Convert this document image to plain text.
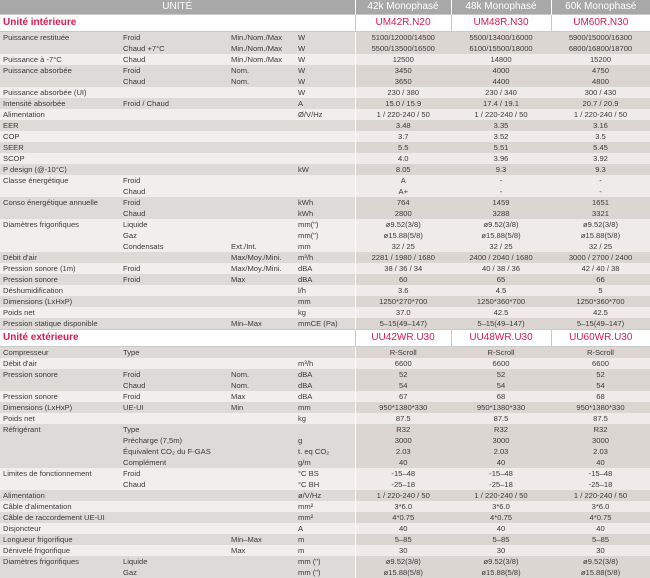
UNITÉ				42k Monophasé	48k Monophasé	60k Monophasé
Unité intérieure				UM42R.N20	UM48R.N30	UM60R.N30
Puissance restituée	Froid	Min./Nom./Max	W	5100/12000/14500	5500/13400/16000	5900/15000/16300
	Chaud +7°C	Min./Nom./Max	W	5500/13500/16500	6100/15500/18000	6800/16800/18700
Puissance à -7°C	Chaud	Min./Nom./Max	W	12500	14800	15200
Puissance absorbée	Froid	Nom.	W	3450	4000	4750
	Chaud	Nom.	W	3650	4400	4800
Puissance absorbée (UI)			W	230 / 380	230 / 340	300 / 430
Intensité absorbée	Froid / Chaud		A	15.0 / 15.9	17.4 / 19.1	20.7 / 20.9
Alimentation			Ø/V/Hz	1 / 220-240 / 50	1 / 220-240 / 50	1 / 220-240 / 50
EER				3.48	3.35	3.16
COP				3.7	3.52	3.5
SEER				5.5	5.51	5.45
SCOP				4.0	3.96	3.92
P design (@-10°C)			kW	8.05	9.3	9.3
Classe énergétique	Froid			A	-	-
	Chaud			A+	-	-
Conso énergétique annuelle	Froid		kWh	764	1459	1651
	Chaud		kWh	2800	3288	3321
Diamètres frigorifiques	Liquide		mm(")	ø9.52(3/8)	ø9.52(3/8)	ø9.52(3/8)
	Gaz		mm(")	ø15.88(5/8)	ø15.88(5/8)	ø15.88(5/8)
	Condensats	Ext./Int.	mm	32 / 25	32 / 25	32 / 25
Débit d'air		Max/Moy./Mini.	m³/h	2281 / 1980 / 1680	2400 / 2040 / 1680	3000 / 2700 / 2400
Pression sonore (1m)	Froid	Max/Moy./Mini.	dBA	38 / 36 / 34	40 / 38 / 36	42 / 40 / 38
Pression sonore	Froid	Max	dBA	60	65	66
Déshumidification			l/h	3.6	4.5	5
Dimensions (LxHxP)			mm	1250*270*700	1250*360*700	1250*360*700
Poids net			kg	37.0	42.5	42.5
Pression statique disponible		Min–Max	mmCE (Pa)	5–15(49–147)	5–15(49–147)	5–15(49–147)
Unité extérieure				UU42WR.U30	UU48WR.U30	UU60WR.U30
Compresseur	Type			R-Scroll	R-Scroll	R-Scroll
Débit d'air			m³/h	6600	6600	6600
Pression sonore	Froid	Nom.	dBA	52	52	52
	Chaud	Nom.	dBA	54	54	54
Pression sonore	Froid	Max	dBA	67	68	68
Dimensions (LxHxP)	UE-UI	Min	mm	950*1380*330	950*1380*330	950*1380*330
Poids net			kg	87.5	87.5	87.5
Réfrigérant	Type			R32	R32	R32
	Précharge (7,5m)		g	3000	3000	3000
	Équivalent CO₂ du F-GAS		t. eq CO₂	2.03	2.03	2.03
	Complément		g/m	40	40	40
Limites de fonctionnement	Froid		°C BS	-15–48	-15–48	-15–48
	Chaud		°C BH	-25–18	-25–18	-25–18
Alimentation			ø/V/Hz	1 / 220-240 / 50	1 / 220-240 / 50	1 / 220-240 / 50
Câble d'alimentation			mm²	3*6.0	3*6.0	3*6.0
Câble de raccordement UE-UI			mm²	4*0.75	4*0.75	4*0.75
Disjoncteur			A	40	40	40
Longueur frigorifique		Min–Max	m	5–85	5–85	5–85
Dénivelé frigorifique		Max	m	30	30	30
Diamètres frigorifiques	Liquide		mm (")	ø9.52(3/8)	ø9.52(3/8)	ø9.52(3/8)
	Gaz		mm (")	ø15.88(5/8)	ø15.88(5/8)	ø15.88(5/8)
